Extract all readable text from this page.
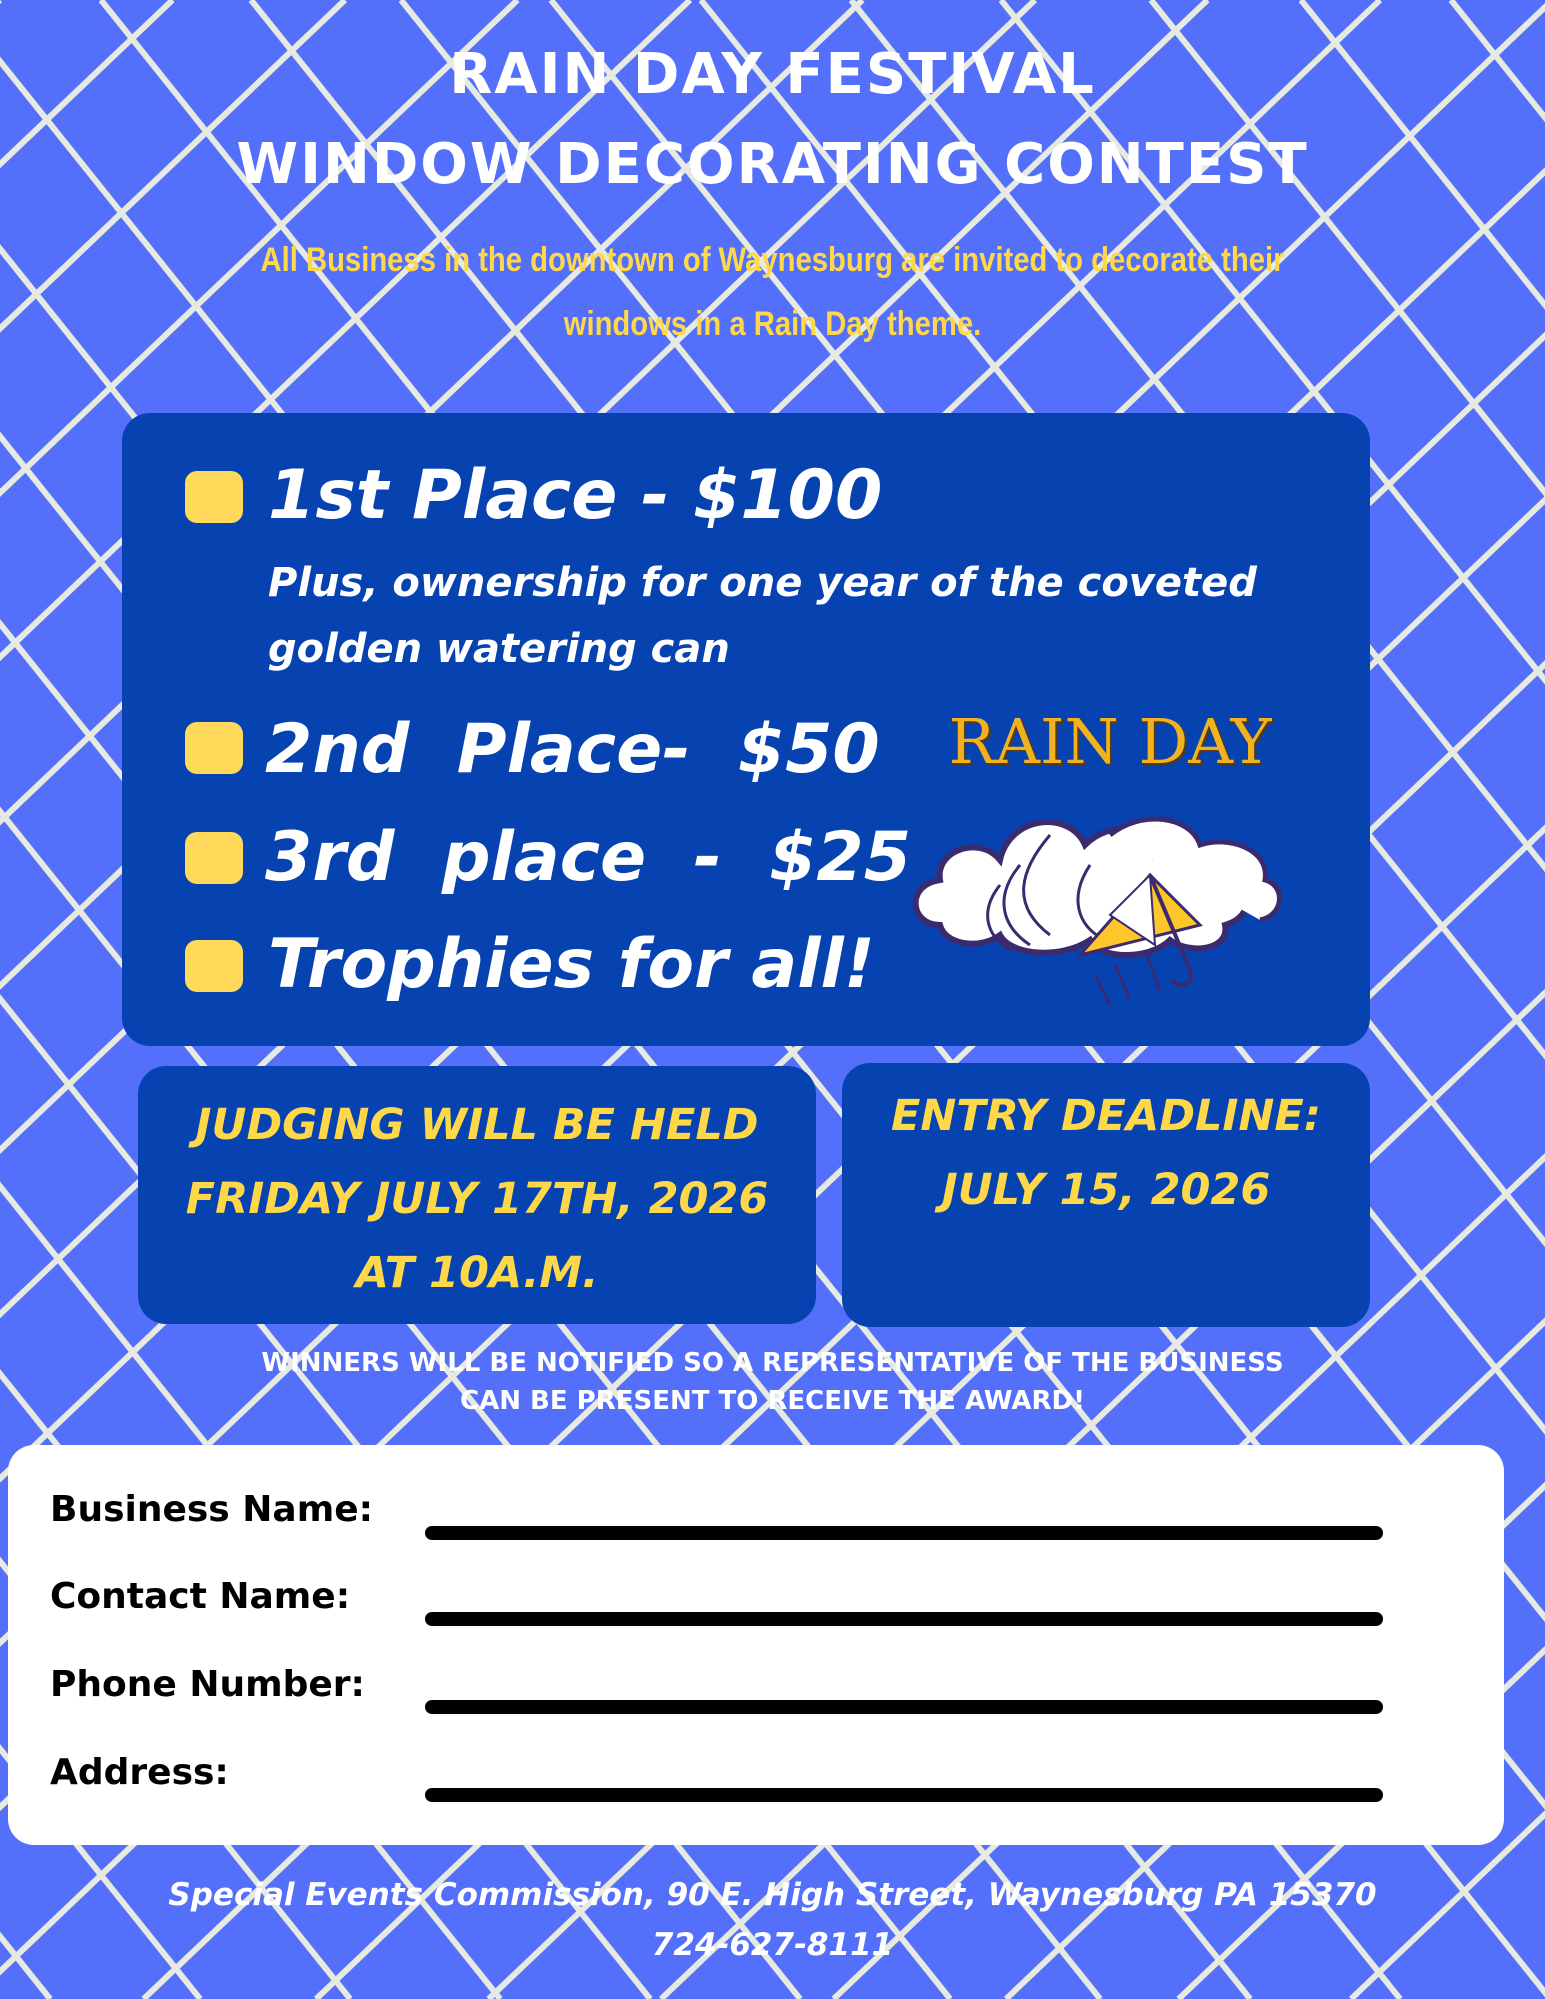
RAIN DAY FESTIVAL
WINDOW DECORATING CONTEST
All Business in the downtown of Waynesburg are invited to decorate their windows in a Rain Day theme.
1st Place - $100
Plus, ownership for one year of the coveted golden watering can
2nd  Place-  $50
3rd  place  -  $25
Trophies for all!
RAIN DAY
JUDGING WILL BE HELD FRIDAY JULY 17TH, 2026 AT 10A.M.
ENTRY DEADLINE: JULY 15, 2026
WINNERS WILL BE NOTIFIED SO A REPRESENTATIVE OF THE BUSINESS CAN BE PRESENT TO RECEIVE THE AWARD!
Business Name:
Contact Name:
Phone Number:
Address:
Special Events Commission, 90 E. High Street, Waynesburg PA 15370
724-627-8111
